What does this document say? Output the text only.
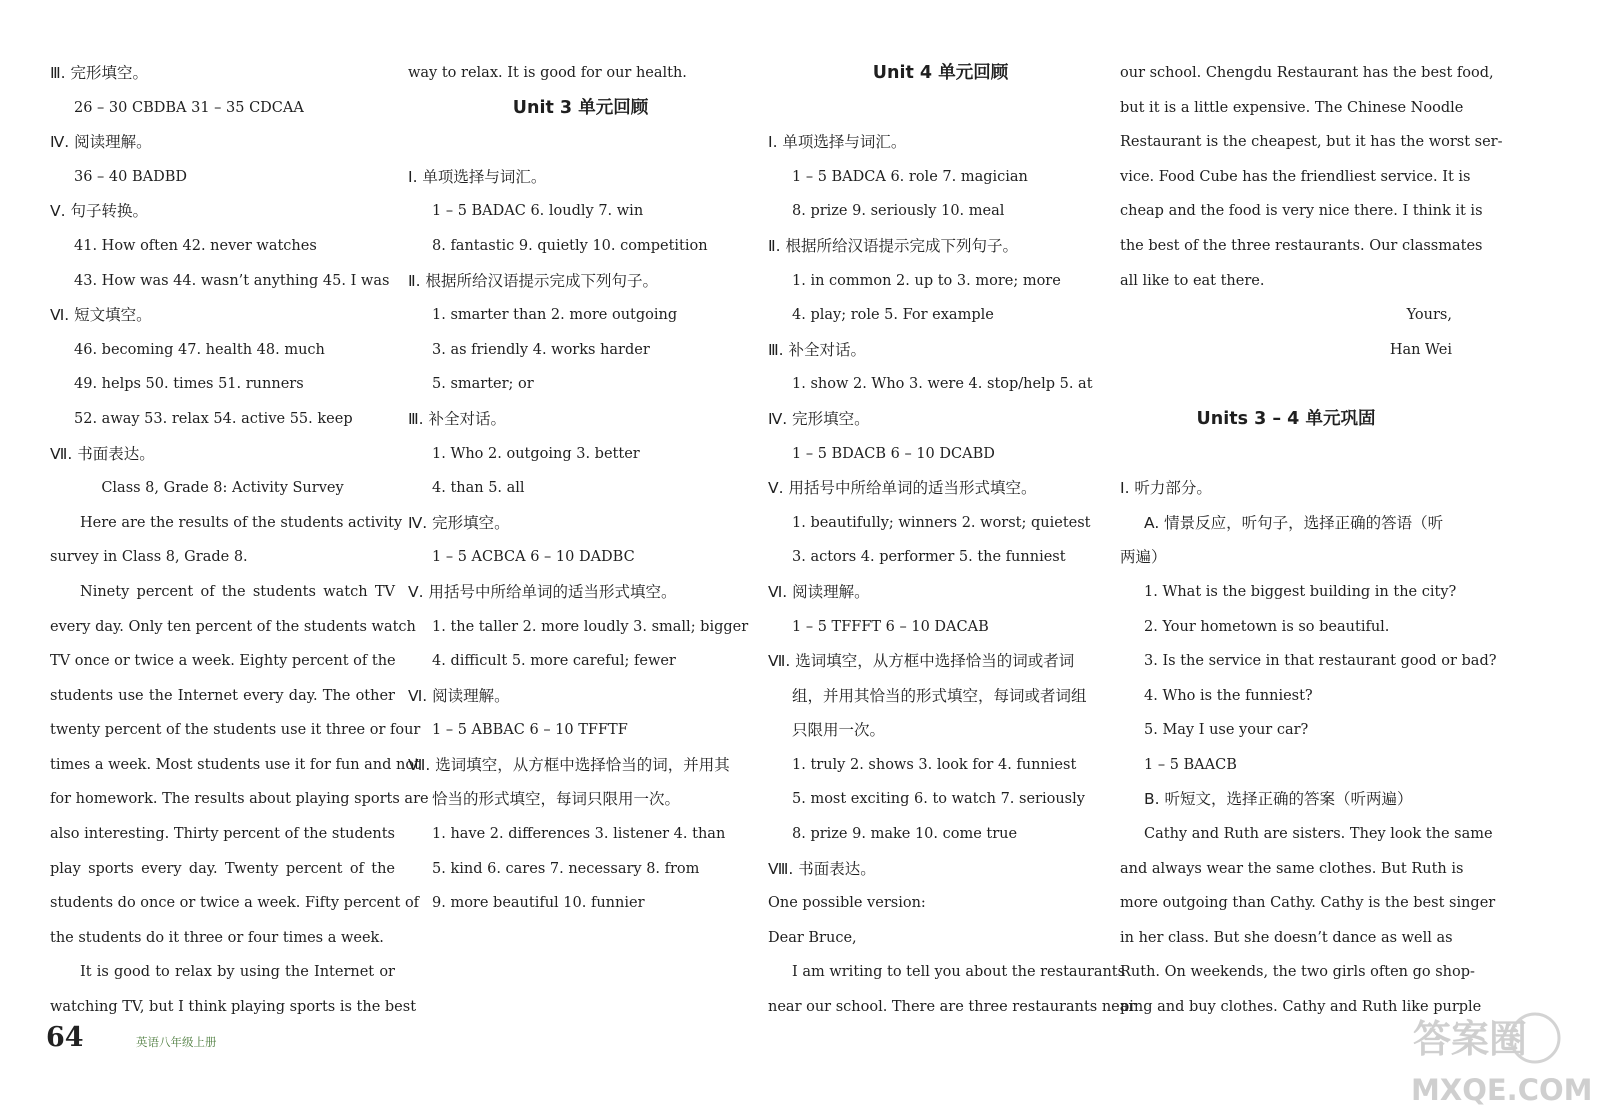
Ⅲ. 完形填空。
26 – 30 CBDBA 31 – 35 CDCAA
Ⅳ. 阅读理解。
36 – 40 BADBD
Ⅴ. 句子转换。
41. How often 42. never watches
43. How was 44. wasn’t anything 45. I was
Ⅵ. 短文填空。
46. becoming 47. health 48. much
49. helps 50. times 51. runners
52. away 53. relax 54. active 55. keep
Ⅶ. 书面表达。
Class 8, Grade 8: Activity Survey
Here are the results of the students activity
survey in Class 8, Grade 8.
Ninety percent of the students watch TV
every day. Only ten percent of the students watch
TV once or twice a week. Eighty percent of the
students use the Internet every day. The other
twenty percent of the students use it three or four
times a week. Most students use it for fun and not
for homework. The results about playing sports are
also interesting. Thirty percent of the students
play sports every day. Twenty percent of the
students do once or twice a week. Fifty percent of
the students do it three or four times a week.
It is good to relax by using the Internet or
watching TV, but I think playing sports is the best
way to relax. It is good for our health.
Unit 3 单元回顾
Ⅰ. 单项选择与词汇。
1 – 5 BADAC 6. loudly 7. win
8. fantastic 9. quietly 10. competition
Ⅱ. 根据所给汉语提示完成下列句子。
1. smarter than 2. more outgoing
3. as friendly 4. works harder
5. smarter; or
Ⅲ. 补全对话。
1. Who 2. outgoing 3. better
4. than 5. all
Ⅳ. 完形填空。
1 – 5 ACBCA 6 – 10 DADBC
Ⅴ. 用括号中所给单词的适当形式填空。
1. the taller 2. more loudly 3. small; bigger
4. difficult 5. more careful; fewer
Ⅵ. 阅读理解。
1 – 5 ABBAC 6 – 10 TFFTF
Ⅶ. 选词填空，从方框中选择恰当的词，并用其
恰当的形式填空，每词只限用一次。
1. have 2. differences 3. listener 4. than
5. kind 6. cares 7. necessary 8. from
9. more beautiful 10. funnier
Unit 4 单元回顾
Ⅰ. 单项选择与词汇。
1 – 5 BADCA 6. role 7. magician
8. prize 9. seriously 10. meal
Ⅱ. 根据所给汉语提示完成下列句子。
1. in common 2. up to 3. more; more
4. play; role 5. For example
Ⅲ. 补全对话。
1. show 2. Who 3. were 4. stop/help 5. at
Ⅳ. 完形填空。
1 – 5 BDACB 6 – 10 DCABD
Ⅴ. 用括号中所给单词的适当形式填空。
1. beautifully; winners 2. worst; quietest
3. actors 4. performer 5. the funniest
Ⅵ. 阅读理解。
1 – 5 TFFFT 6 – 10 DACAB
Ⅶ. 选词填空，从方框中选择恰当的词或者词
组，并用其恰当的形式填空，每词或者词组
只限用一次。
1. truly 2. shows 3. look for 4. funniest
5. most exciting 6. to watch 7. seriously
8. prize 9. make 10. come true
Ⅷ. 书面表达。
One possible version:
Dear Bruce,
I am writing to tell you about the restaurants
near our school. There are three restaurants near
our school. Chengdu Restaurant has the best food,
but it is a little expensive. The Chinese Noodle
Restaurant is the cheapest, but it has the worst ser-
vice. Food Cube has the friendliest service. It is
cheap and the food is very nice there. I think it is
the best of the three restaurants. Our classmates
all like to eat there.
Yours,
Han Wei
Units 3 – 4 单元巩固
Ⅰ. 听力部分。
A. 情景反应，听句子，选择正确的答语（听
两遍）
1. What is the biggest building in the city?
2. Your hometown is so beautiful.
3. Is the service in that restaurant good or bad?
4. Who is the funniest?
5. May I use your car?
1 – 5 BAACB
B. 听短文，选择正确的答案（听两遍）
Cathy and Ruth are sisters. They look the same
and always wear the same clothes. But Ruth is
more outgoing than Cathy. Cathy is the best singer
in her class. But she doesn’t dance as well as
Ruth. On weekends, the two girls often go shop-
ping and buy clothes. Cathy and Ruth like purple
64	英语八年级上册	答案圈
MXQE.COM
